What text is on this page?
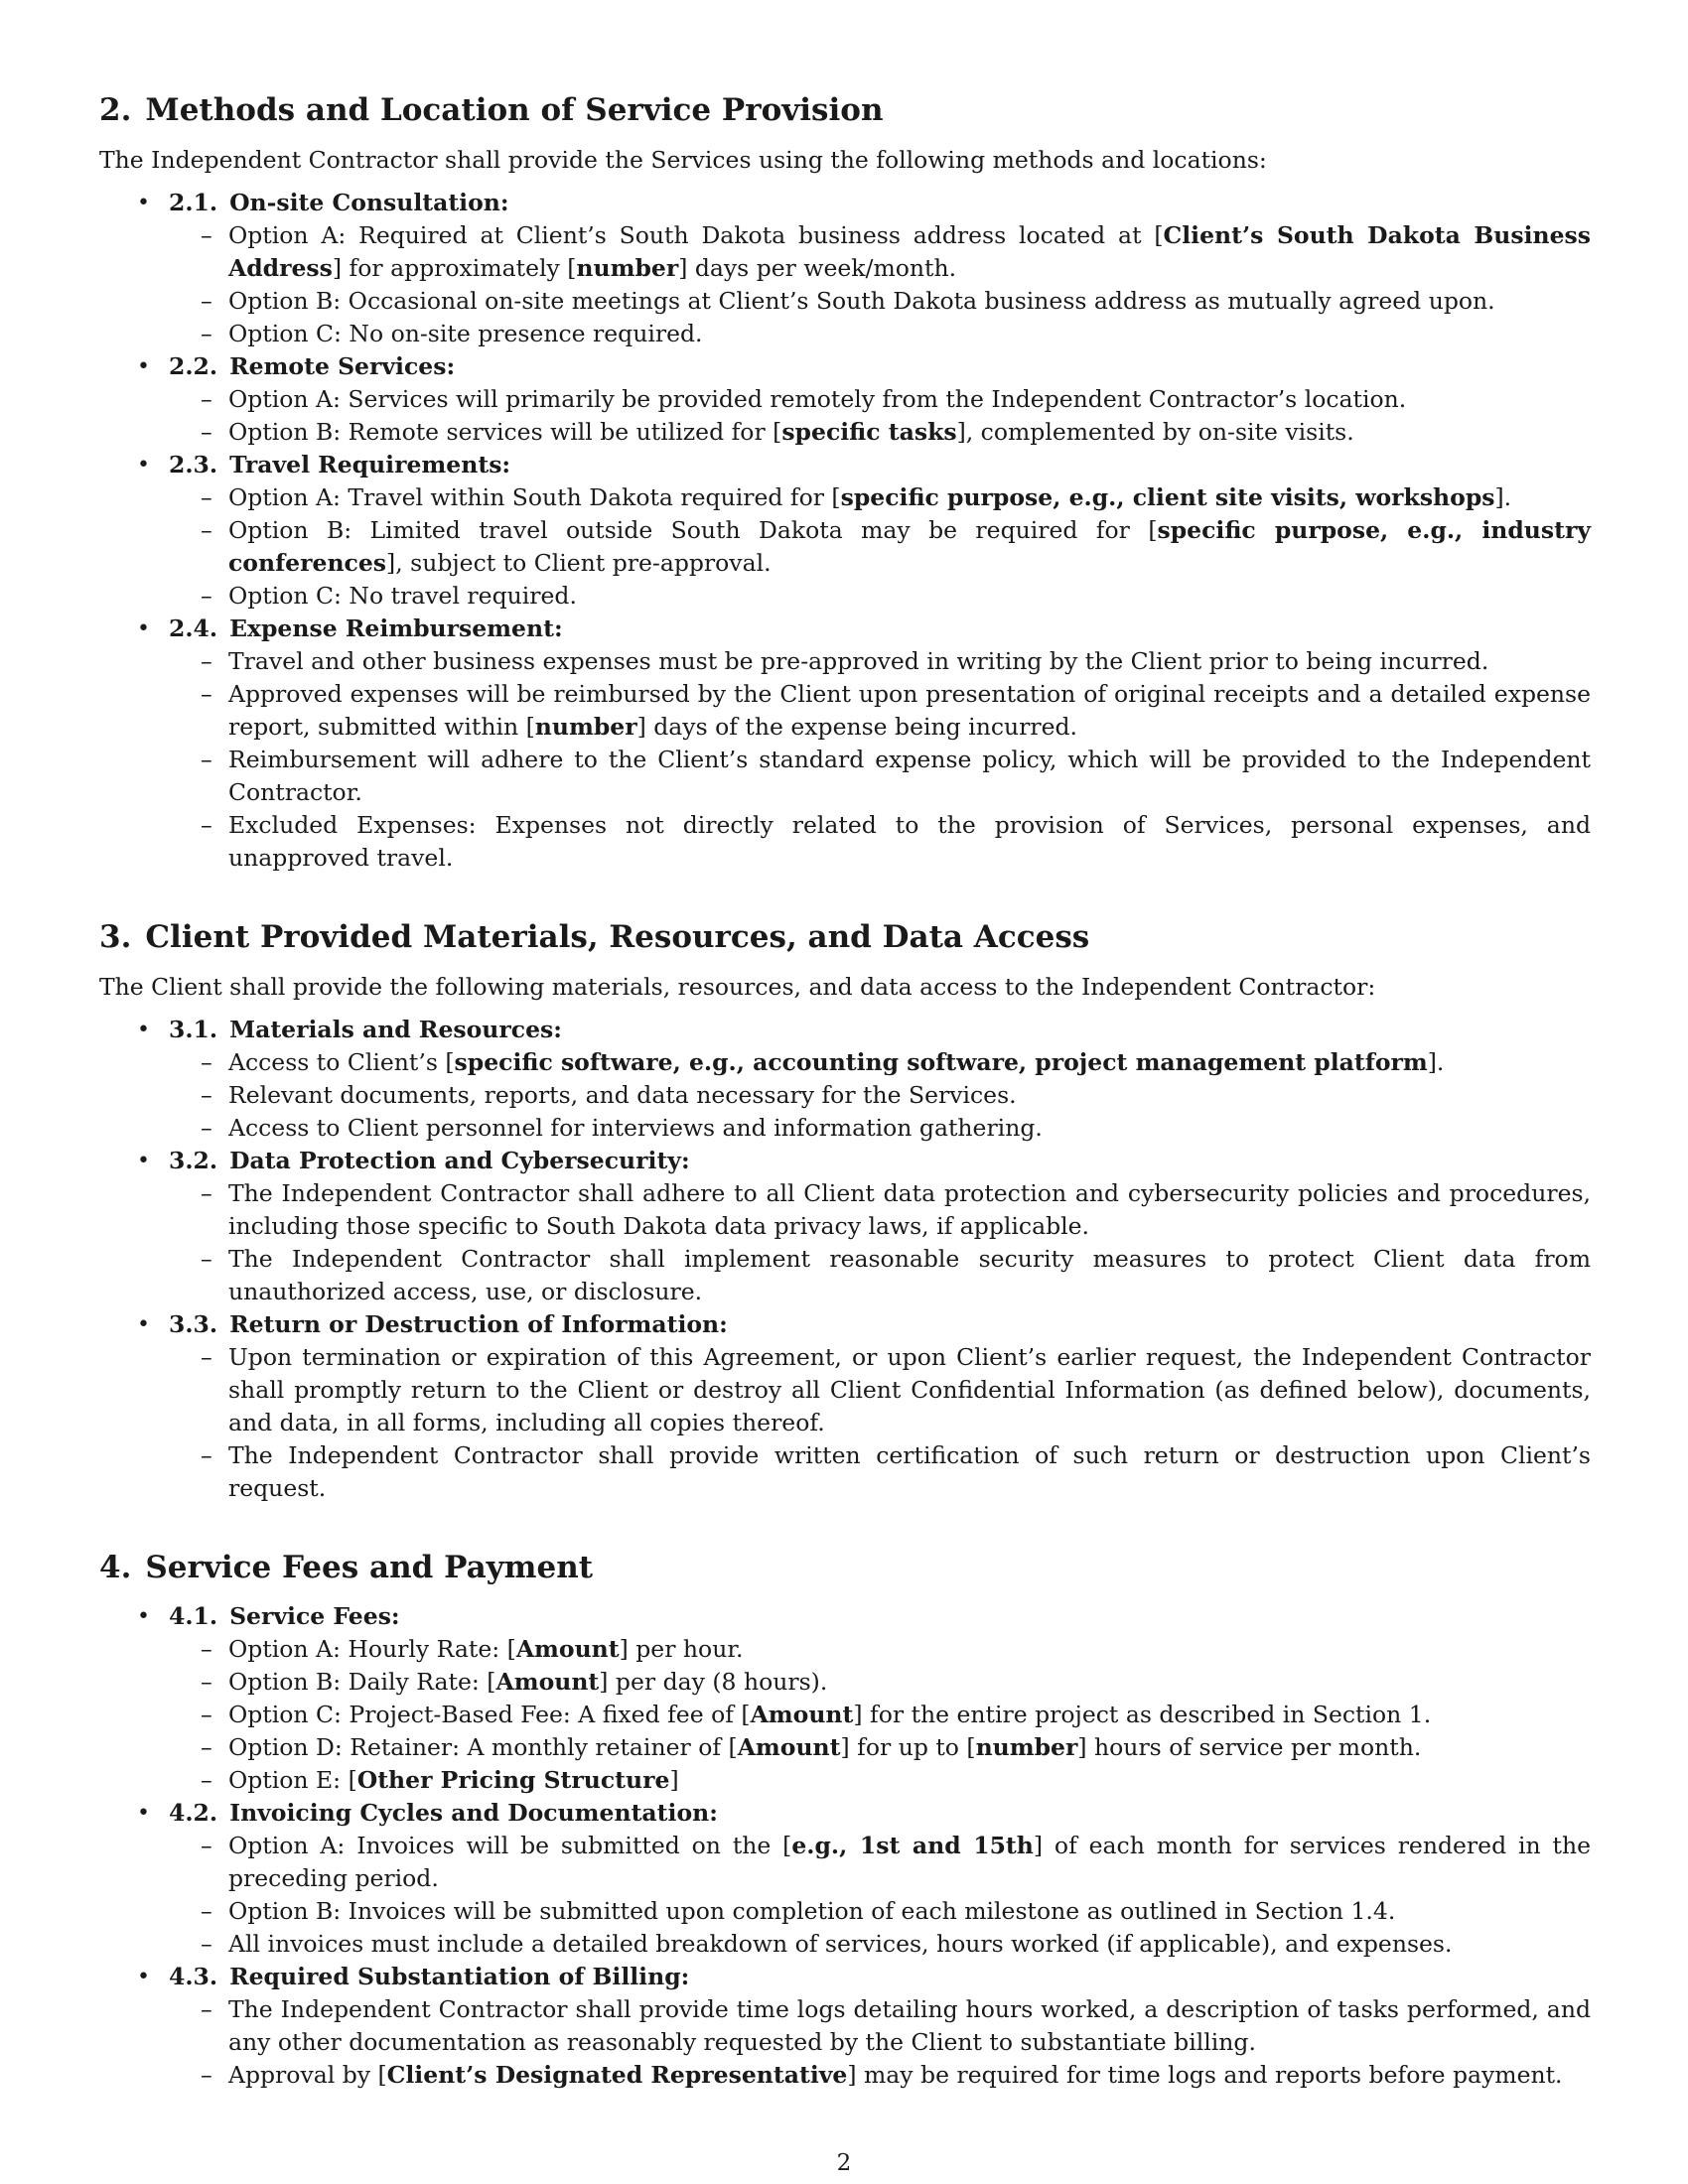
2. Methods and Location of Service Provision

The Independent Contractor shall provide the Services using the following methods and locations:

• 2.1. On-site Consultation:
– Option A: Required at Client’s South Dakota business address located at [Client’s South Dakota Business Address] for approximately [number] days per week/month.
– Option B: Occasional on-site meetings at Client’s South Dakota business address as mutually agreed upon.
– Option C: No on-site presence required.
• 2.2. Remote Services:
– Option A: Services will primarily be provided remotely from the Independent Contractor’s location.
– Option B: Remote services will be utilized for [specific tasks], complemented by on-site visits.
• 2.3. Travel Requirements:
– Option A: Travel within South Dakota required for [specific purpose, e.g., client site visits, workshops].
– Option B: Limited travel outside South Dakota may be required for [specific purpose, e.g., industry conferences], subject to Client pre-approval.
– Option C: No travel required.
• 2.4. Expense Reimbursement:
– Travel and other business expenses must be pre-approved in writing by the Client prior to being incurred.
– Approved expenses will be reimbursed by the Client upon presentation of original receipts and a detailed expense report, submitted within [number] days of the expense being incurred.
– Reimbursement will adhere to the Client’s standard expense policy, which will be provided to the Independent Contractor.
– Excluded Expenses: Expenses not directly related to the provision of Services, personal expenses, and unapproved travel.
3. Client Provided Materials, Resources, and Data Access

The Client shall provide the following materials, resources, and data access to the Independent Contractor:

• 3.1. Materials and Resources:
– Access to Client’s [specific software, e.g., accounting software, project management platform].
– Relevant documents, reports, and data necessary for the Services.
– Access to Client personnel for interviews and information gathering.
• 3.2. Data Protection and Cybersecurity:
– The Independent Contractor shall adhere to all Client data protection and cybersecurity policies and procedures, including those specific to South Dakota data privacy laws, if applicable.
– The Independent Contractor shall implement reasonable security measures to protect Client data from unauthorized access, use, or disclosure.
• 3.3. Return or Destruction of Information:
– Upon termination or expiration of this Agreement, or upon Client’s earlier request, the Independent Contractor shall promptly return to the Client or destroy all Client Confidential Information (as defined below), documents, and data, in all forms, including all copies thereof.
– The Independent Contractor shall provide written certification of such return or destruction upon Client’s request.
4. Service Fees and Payment
• 4.1. Service Fees:
– Option A: Hourly Rate: [Amount] per hour.
– Option B: Daily Rate: [Amount] per day (8 hours).
– Option C: Project-Based Fee: A fixed fee of [Amount] for the entire project as described in Section 1.
– Option D: Retainer: A monthly retainer of [Amount] for up to [number] hours of service per month.
– Option E: [Other Pricing Structure]
• 4.2. Invoicing Cycles and Documentation:
– Option A: Invoices will be submitted on the [e.g., 1st and 15th] of each month for services rendered in the preceding period.
– Option B: Invoices will be submitted upon completion of each milestone as outlined in Section 1.4.
– All invoices must include a detailed breakdown of services, hours worked (if applicable), and expenses.
• 4.3. Required Substantiation of Billing:
– The Independent Contractor shall provide time logs detailing hours worked, a description of tasks performed, and any other documentation as reasonably requested by the Client to substantiate billing.
– Approval by [Client’s Designated Representative] may be required for time logs and reports before payment.
2
